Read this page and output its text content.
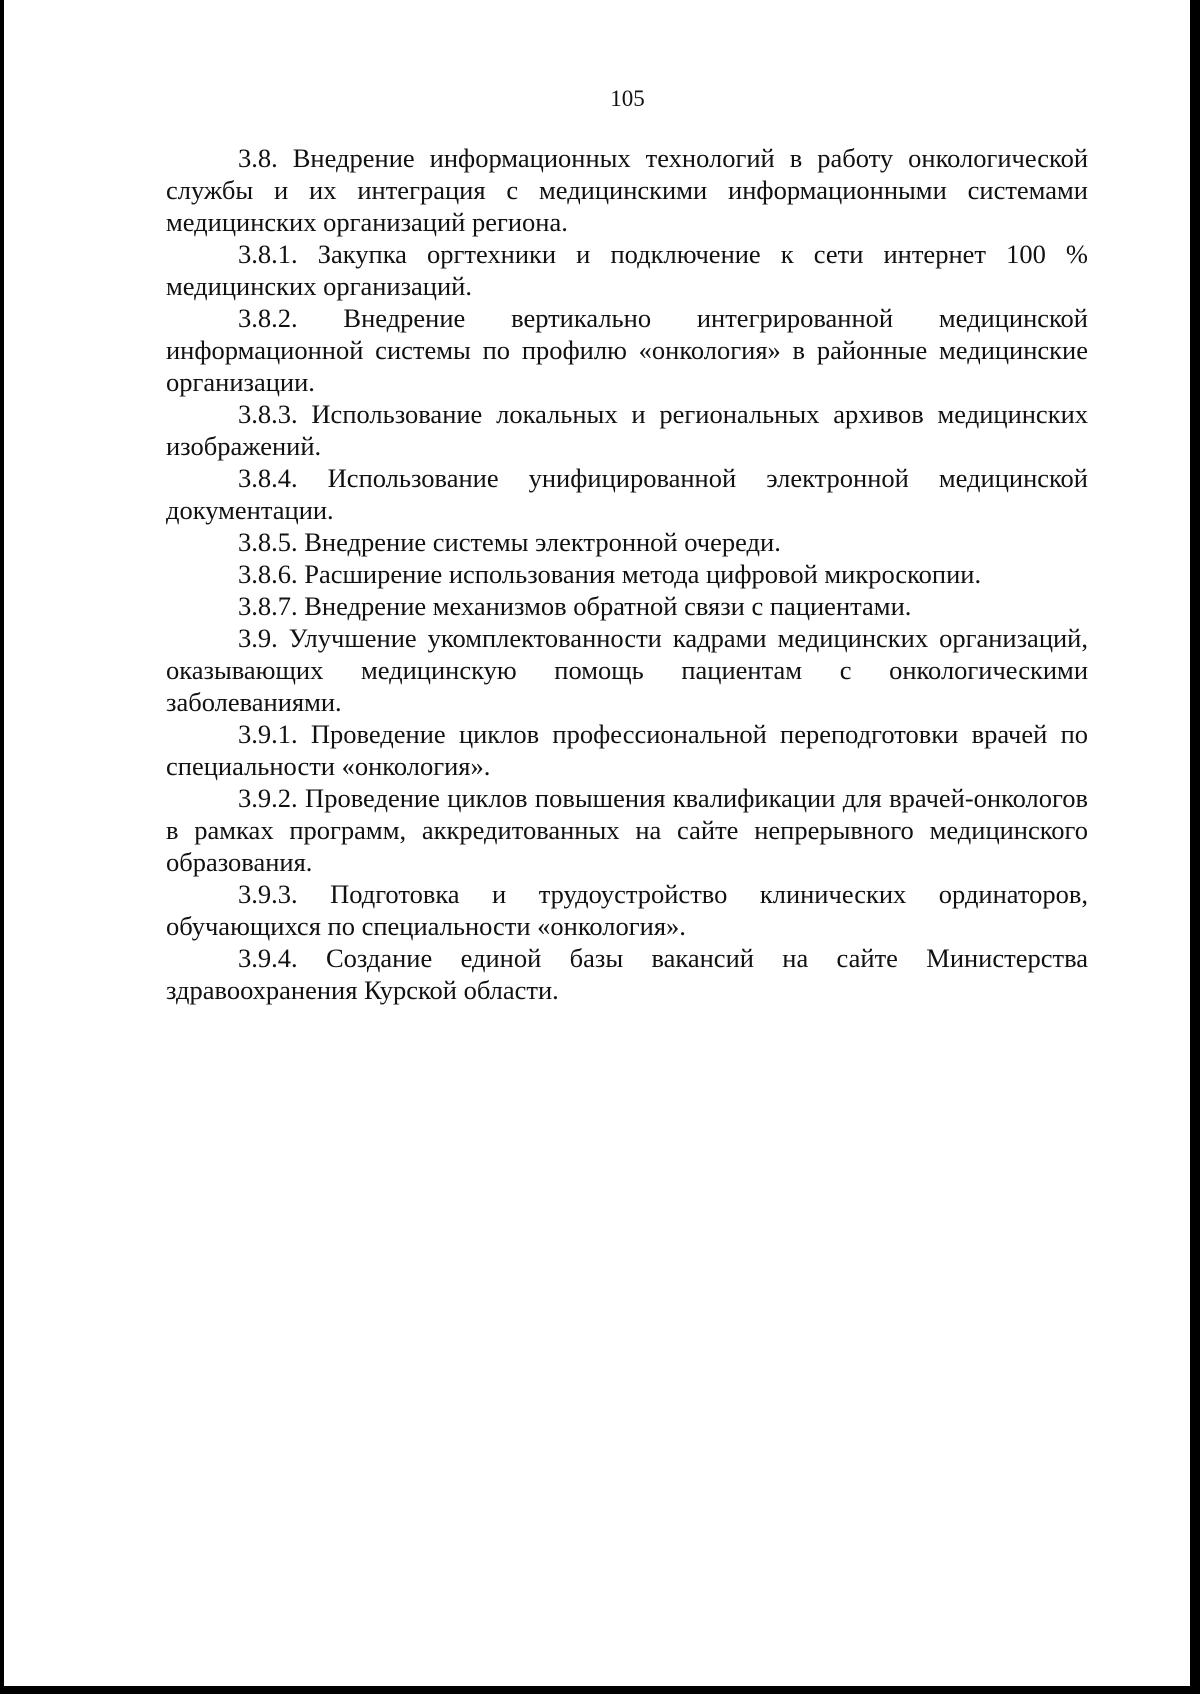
105

3.8. Внедрение информационных технологий в работу онкологической службы и их интеграция с медицинскими информационными системами медицинских организаций региона.

3.8.1. Закупка оргтехники и подключение к сети интернет 100 % медицинских организаций.

3.8.2. Внедрение вертикально интегрированной медицинской информационной системы по профилю «онкология» в районные медицинские организации.

3.8.3. Использование локальных и региональных архивов медицинских изображений.

3.8.4. Использование унифицированной электронной медицинской документации.

3.8.5. Внедрение системы электронной очереди.

3.8.6. Расширение использования метода цифровой микроскопии.

3.8.7. Внедрение механизмов обратной связи с пациентами.

3.9. Улучшение укомплектованности кадрами медицинских организаций, оказывающих медицинскую помощь пациентам с онкологическими заболеваниями.

3.9.1. Проведение циклов профессиональной переподготовки врачей по специальности «онкология».

3.9.2. Проведение циклов повышения квалификации для врачей-онкологов в рамках программ, аккредитованных на сайте непрерывного медицинского образования.

3.9.3. Подготовка и трудоустройство клинических ординаторов, обучающихся по специальности «онкология».

3.9.4. Создание единой базы вакансий на сайте Министерства здравоохранения Курской области.
